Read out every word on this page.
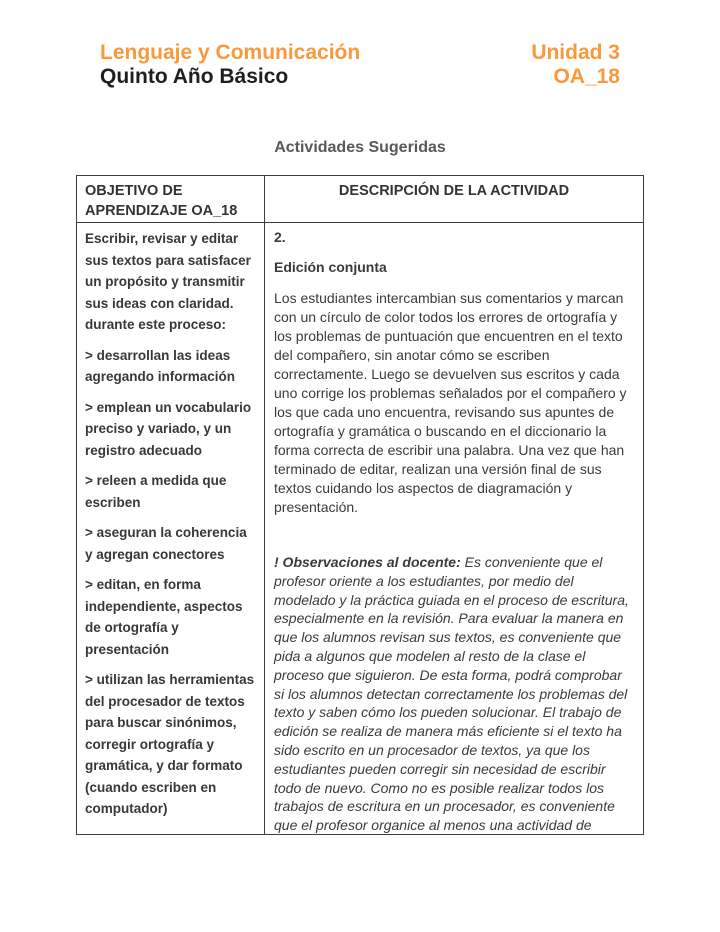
Lenguaje y Comunicación
Quinto Año Básico
Unidad 3
OA_18
Actividades Sugeridas
OBJETIVO DE APRENDIZAJE OA_18
DESCRIPCIÓN DE LA ACTIVIDAD

Escribir, revisar y editar sus textos para satisfacer un propósito y transmitir sus ideas con claridad.
durante este proceso:

> desarrollan las ideas agregando información

> emplean un vocabulario preciso y variado, y un registro adecuado

> releen a medida que escriben

> aseguran la coherencia y agregan conectores

> editan, en forma independiente, aspectos de ortografía y presentación

> utilizan las herramientas del procesador de textos para buscar sinónimos, corregir ortografía y gramática, y dar formato (cuando escriben en computador)

2.

Edición conjunta

Los estudiantes intercambian sus comentarios y marcan con un círculo de color todos los errores de ortografía y los problemas de puntuación que encuentren en el texto del compañero, sin anotar cómo se escriben correctamente. Luego se devuelven sus escritos y cada uno corrige los problemas señalados por el compañero y los que cada uno encuentra, revisando sus apuntes de ortografía y gramática o buscando en el diccionario la forma correcta de escribir una palabra. Una vez que han terminado de editar, realizan una versión final de sus textos cuidando los aspectos de diagramación y presentación.

! Observaciones al docente: Es conveniente que el profesor oriente a los estudiantes, por medio del modelado y la práctica guiada en el proceso de escritura, especialmente en la revisión. Para evaluar la manera en que los alumnos revisan sus textos, es conveniente que pida a algunos que modelen al resto de la clase el proceso que siguieron. De esta forma, podrá comprobar si los alumnos detectan correctamente los problemas del texto y saben cómo los pueden solucionar. El trabajo de edición se realiza de manera más eficiente si el texto ha sido escrito en un procesador de textos, ya que los estudiantes pueden corregir sin necesidad de escribir todo de nuevo. Como no es posible realizar todos los trabajos de escritura en un procesador, es conveniente que el profesor organice al menos una actividad de
